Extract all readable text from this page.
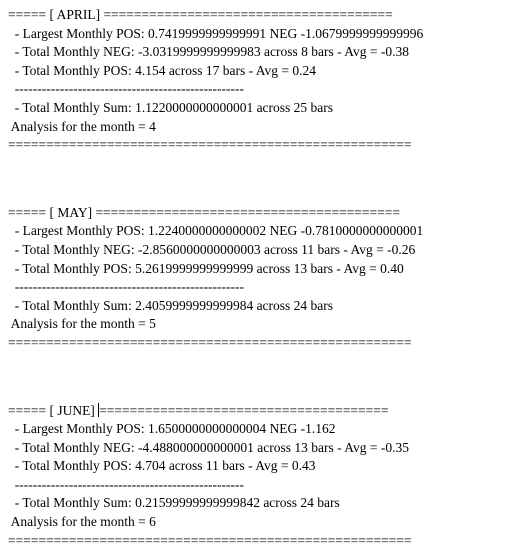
===== [ APRIL] ======================================
- Largest Monthly POS: 0.7419999999999991 NEG -1.0679999999999996
- Total Monthly NEG: -3.0319999999999983 across 8 bars - Avg = -0.38
- Total Monthly POS: 4.154 across 17 bars - Avg = 0.24
---------------------------------------------------
- Total Monthly Sum: 1.1220000000000001 across 25 bars
Analysis for the month = 4
=====================================================
===== [ MAY] ========================================
- Largest Monthly POS: 1.2240000000000002 NEG -0.7810000000000001
- Total Monthly NEG: -2.8560000000000003 across 11 bars - Avg = -0.26
- Total Monthly POS: 5.2619999999999999 across 13 bars - Avg = 0.40
---------------------------------------------------
- Total Monthly Sum: 2.4059999999999984 across 24 bars
Analysis for the month = 5
=====================================================
===== [ JUNE] ======================================
- Largest Monthly POS: 1.6500000000000004 NEG -1.162
- Total Monthly NEG: -4.488000000000001 across 13 bars - Avg = -0.35
- Total Monthly POS: 4.704 across 11 bars - Avg = 0.43
---------------------------------------------------
- Total Monthly Sum: 0.21599999999999842 across 24 bars
Analysis for the month = 6
=====================================================
